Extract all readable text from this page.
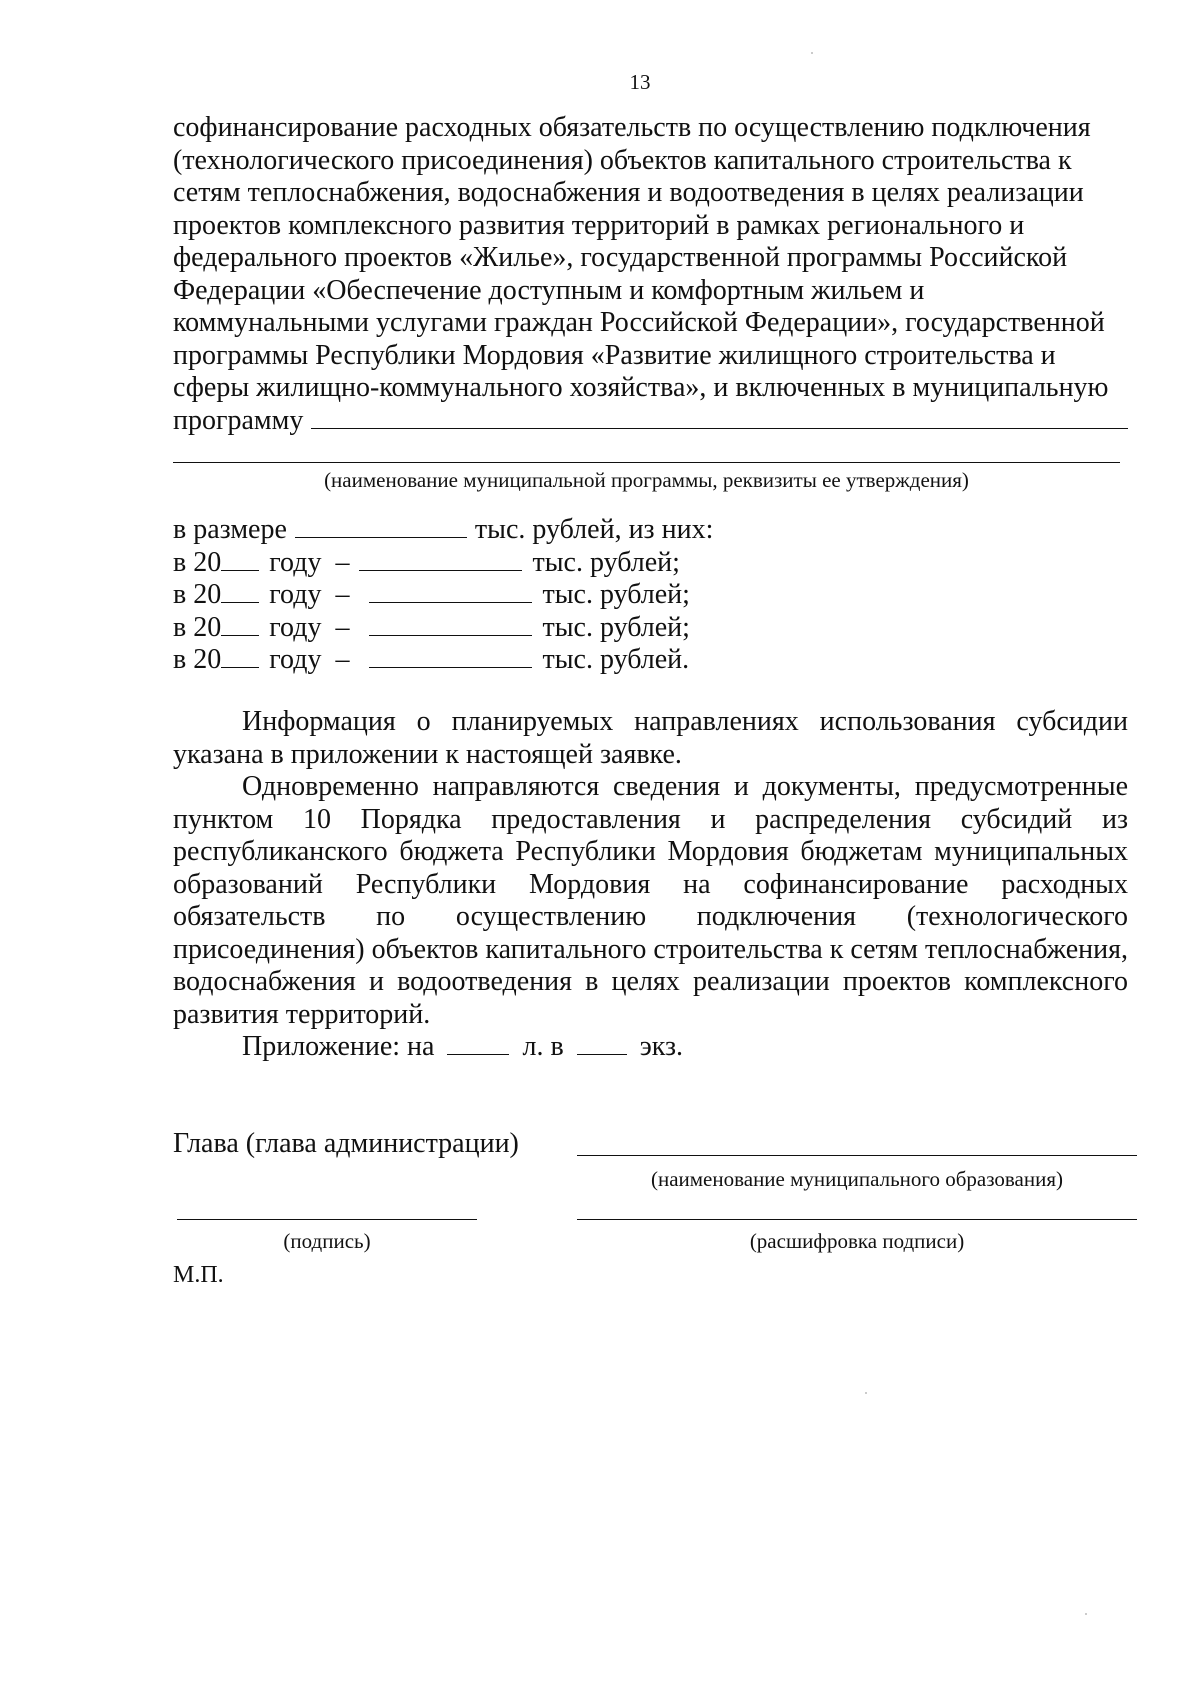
13
софинансирование расходных обязательств по осуществлению подключения
(технологического присоединения) объектов капитального строительства к
сетям теплоснабжения, водоснабжения и водоотведения в целях реализации
проектов комплексного развития территорий в рамках регионального и
федерального проектов «Жилье», государственной программы Российской
Федерации «Обеспечение доступным и комфортным жильем и
коммунальными услугами граждан Российской Федерации», государственной
программы Республики Мордовия «Развитие жилищного строительства и
сферы жилищно-коммунального хозяйства», и включенных в муниципальную
программу
(наименование муниципальной программы, реквизиты ее утверждения)
в размере	тыс. рублей, из них:
в 20 году –	тыс. рублей;
в 20 году –	тыс. рублей;
в 20 году –	тыс. рублей;
в 20 году –	тыс. рублей.

Информация о планируемых направлениях использования субсидии указана в приложении к настоящей заявке.

Одновременно направляются сведения и документы, предусмотренные пунктом 10 Порядка предоставления и распределения субсидий из республиканского бюджета Республики Мордовия бюджетам муниципальных образований Республики Мордовия на софинансирование расходных обязательств по осуществлению подключения (технологического присоединения) объектов капитального строительства к сетям теплоснабжения, водоснабжения и водоотведения в целях реализации проектов комплексного развития территорий.

Приложение: на	л. в	экз.

Глава (глава администрации)
(наименование муниципального образования)
(подпись)	(расшифровка подписи)
М.П.
